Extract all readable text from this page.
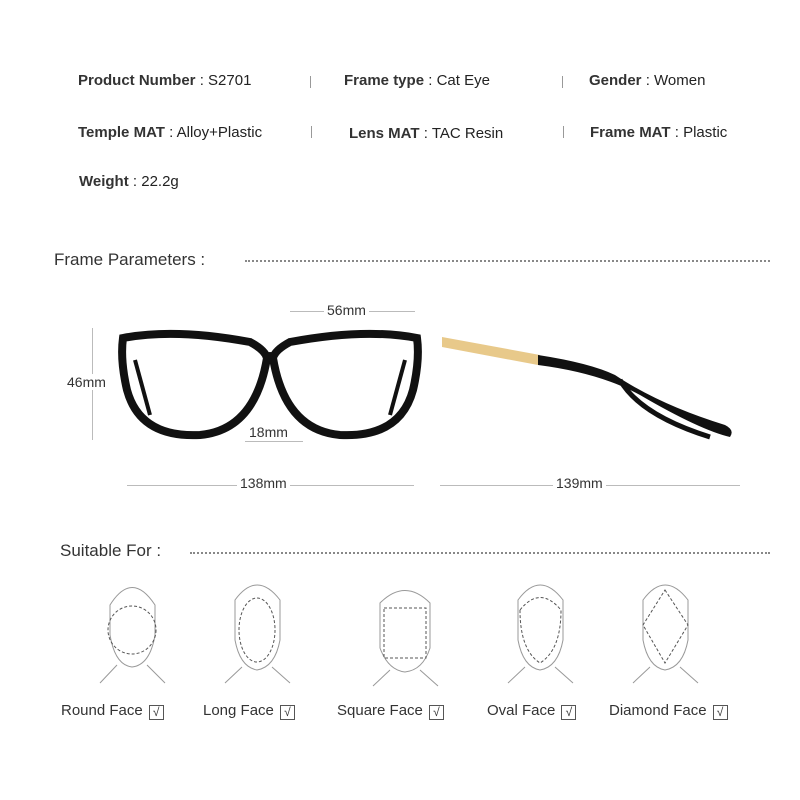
Product Number : S2701	Frame type : Cat Eye	Gender : Women
Temple MAT : Alloy+Plastic	Lens MAT : TAC Resin	Frame MAT : Plastic
Weight : 22.2g
Frame Parameters :
56mm
46mm
18mm
138mm	139mm
Suitable For :
Round Face √	Long Face √	Square Face √	Oval Face √ Diamond Face √
